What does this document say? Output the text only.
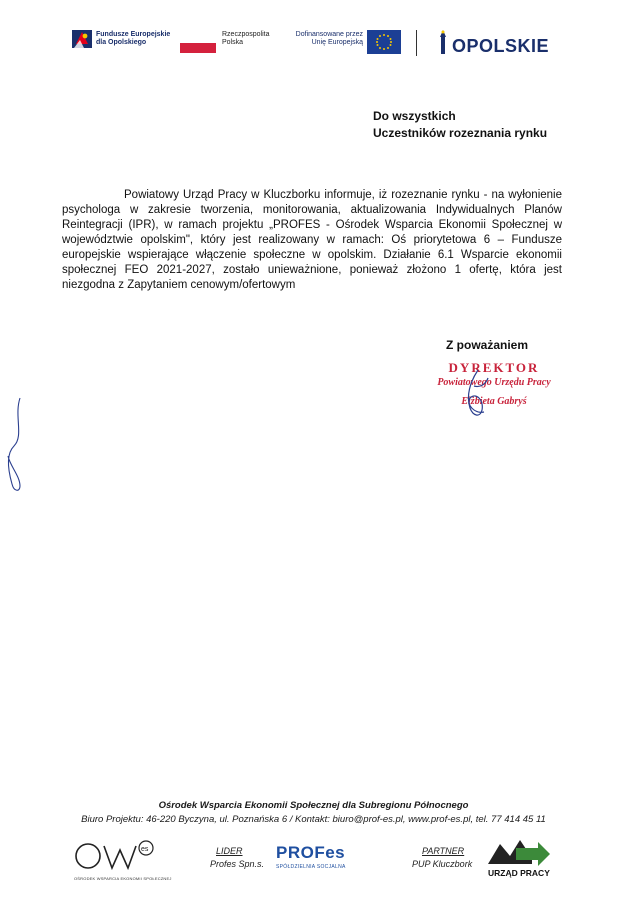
Fundusze Europejskie
dla Opolskiego
Rzeczpospolita
Polska
Dofinansowane przez
Unię Europejską	OPOLSKIE
Do wszystkich
Uczestników rozeznania rynku

Powiatowy Urząd Pracy w Kluczborku informuje, iż rozeznanie rynku - na wyłonienie psychologa w zakresie tworzenia, monitorowania, aktualizowania Indywidualnych Planów Reintegracji (IPR), w ramach projektu „PROFES - Ośrodek Wsparcia Ekonomii Społecznej w województwie opolskim", który jest realizowany w ramach: Oś priorytetowa 6 – Fundusze europejskie wspierające włączenie społeczne w opolskim. Działanie 6.1 Wsparcie ekonomii społecznej FEO 2021-2027, zostało unieważnione, ponieważ złożono 1 ofertę, która jest niezgodna z Zapytaniem cenowym/ofertowym

Z poważaniem
DYREKTOR
Powiatowego Urzędu Pracy
Elżbieta Gabryś
Ośrodek Wsparcia Ekonomii Społecznej dla Subregionu Północnego
Biuro Projektu: 46-220 Byczyna, ul. Poznańska 6 / Kontakt: biuro@prof-es.pl, www.prof-es.pl, tel. 77 414 45 11
es
OŚRODEK WSPARCIA EKONOMII SPOŁECZNEJ
LIDER
Profes Spn.s.
PROFes
SPÓŁDZIELNIA SOCJALNA
PARTNER
PUP Kluczbork
URZĄD PRACY
